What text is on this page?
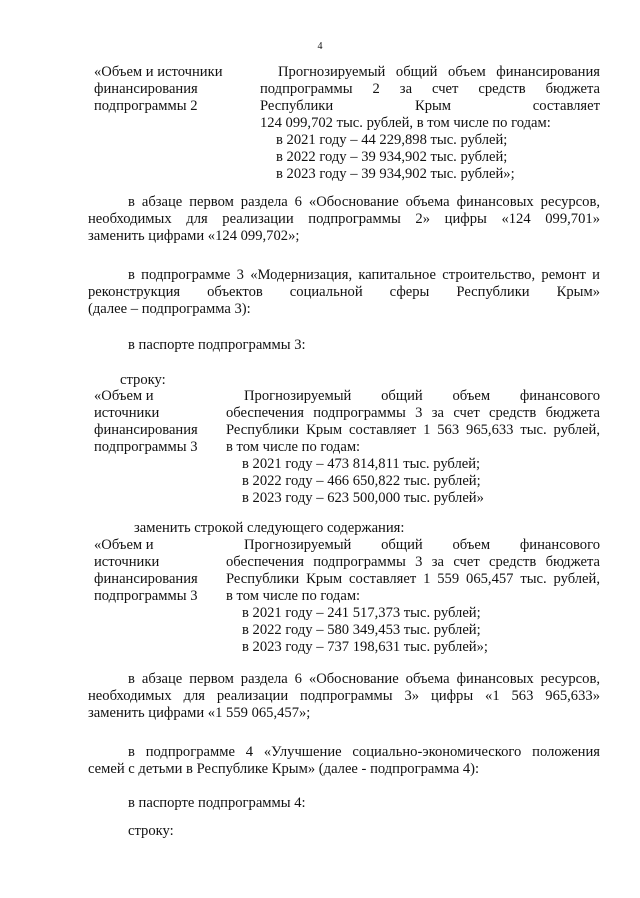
4
«Объем и источники
финансирования
подпрограммы 2
Прогнозируемый общий объем финансирования
подпрограммы 2 за счет средств бюджета
Республики Крым составляет
124 099,702 тыс. рублей, в том числе по годам:
в 2021 году – 44 229,898 тыс. рублей;
в 2022 году – 39 934,902 тыс. рублей;
в 2023 году – 39 934,902 тыс. рублей»;
в абзаце первом раздела 6 «Обоснование объема финансовых ресурсов,
необходимых для реализации подпрограммы 2» цифры «124 099,701»
заменить цифрами «124 099,702»;
в подпрограмме 3 «Модернизация, капитальное строительство, ремонт и
реконструкция объектов социальной сферы Республики Крым»
(далее – подпрограмма 3):
в паспорте подпрограммы 3:
строку:
«Объем и
источники
финансирования
подпрограммы 3
Прогнозируемый общий объем финансового
обеспечения подпрограммы 3 за счет средств бюджета
Республики Крым составляет 1 563 965,633 тыс. рублей,
в том числе по годам:
в 2021 году – 473 814,811 тыс. рублей;
в 2022 году – 466 650,822 тыс. рублей;
в 2023 году – 623 500,000 тыс. рублей»
заменить строкой следующего содержания:
«Объем и
источники
финансирования
подпрограммы 3
Прогнозируемый общий объем финансового
обеспечения подпрограммы 3 за счет средств бюджета
Республики Крым составляет 1 559 065,457 тыс. рублей,
в том числе по годам:
в 2021 году – 241 517,373 тыс. рублей;
в 2022 году – 580 349,453 тыс. рублей;
в 2023 году – 737 198,631 тыс. рублей»;
в абзаце первом раздела 6 «Обоснование объема финансовых ресурсов,
необходимых для реализации подпрограммы 3» цифры «1 563 965,633»
заменить цифрами «1 559 065,457»;
в подпрограмме 4 «Улучшение социально-экономического положения
семей с детьми в Республике Крым» (далее - подпрограмма 4):
в паспорте подпрограммы 4:
строку:
